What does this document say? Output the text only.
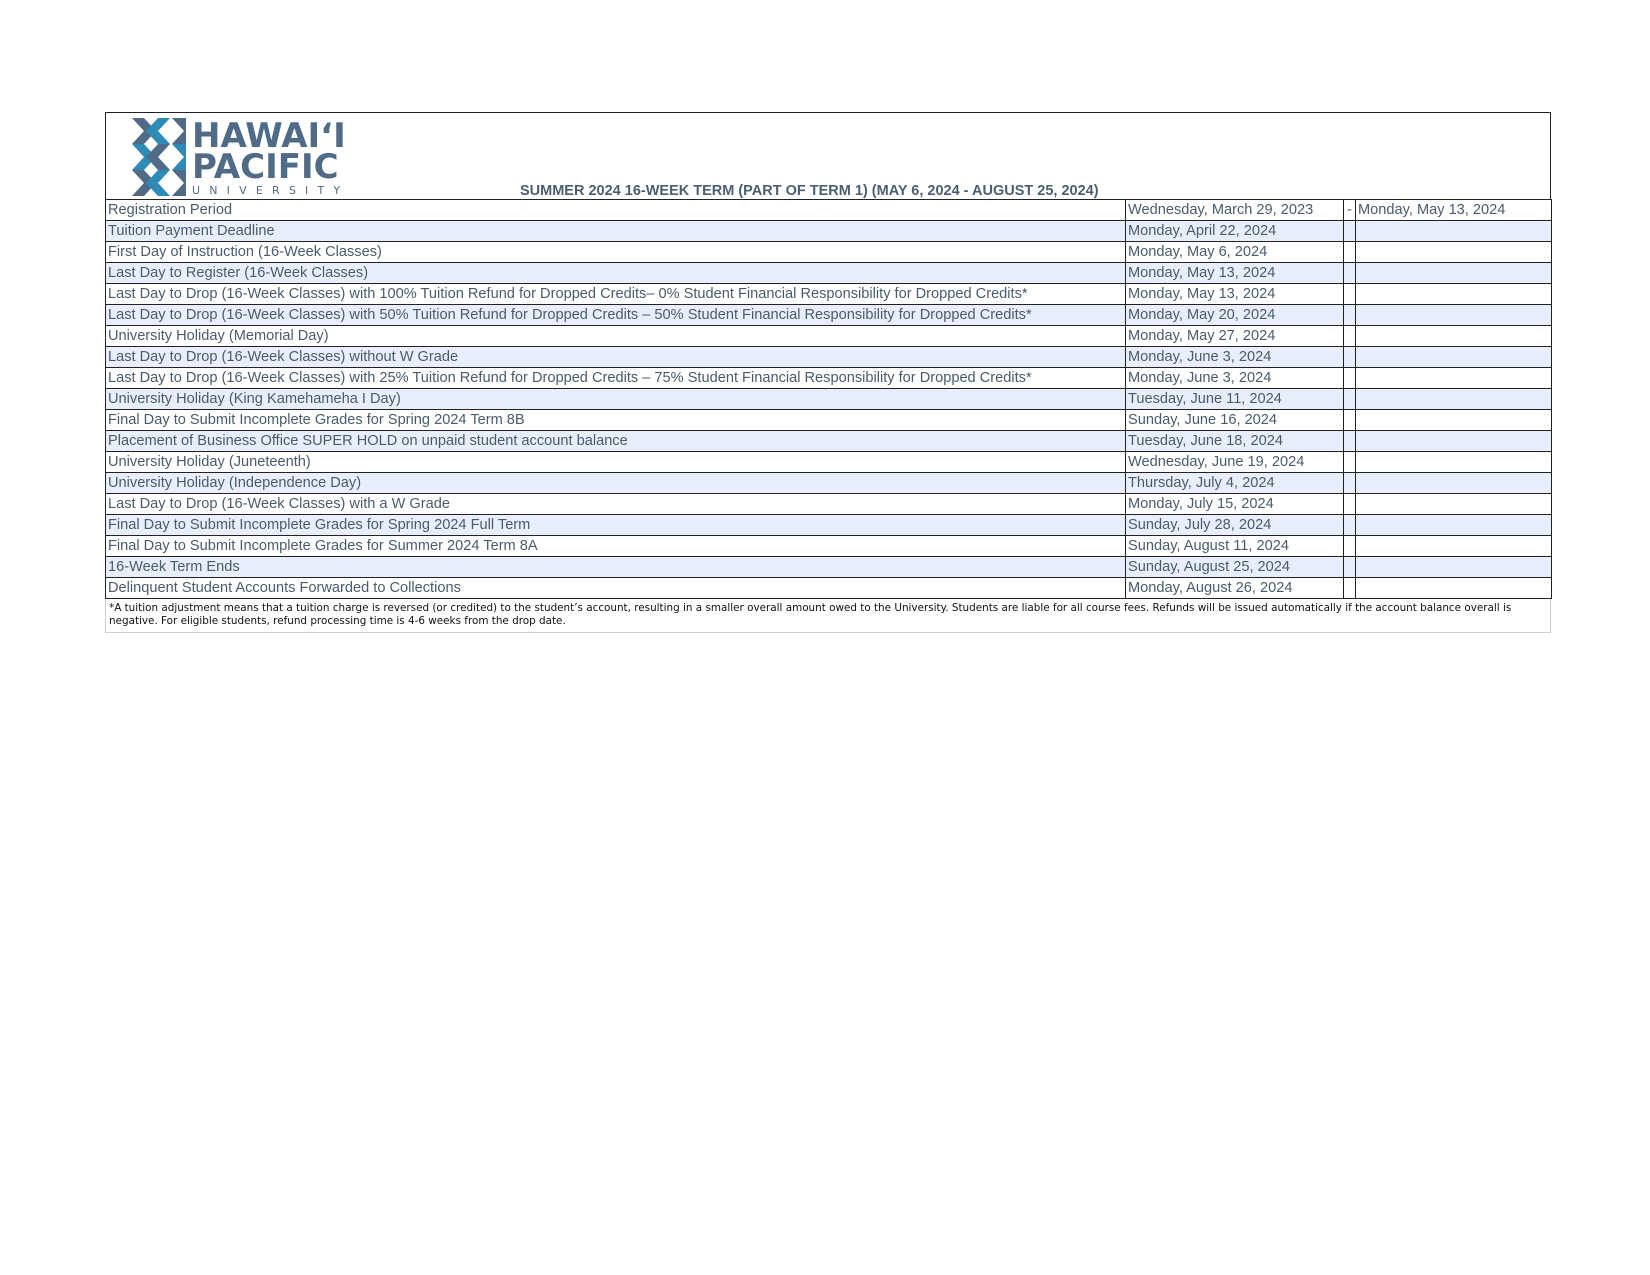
HAWAIʻI
PACIFIC
UNIVERSITY	SUMMER 2024 16-WEEK TERM (PART OF TERM 1) (MAY 6, 2024 - AUGUST 25, 2024)
Registration Period	Wednesday, March 29, 2023	-	Monday, May 13, 2024
Tuition Payment Deadline	Monday, April 22, 2024		
First Day of Instruction (16-Week Classes)	Monday, May 6, 2024		
Last Day to Register (16-Week Classes)	Monday, May 13, 2024		
Last Day to Drop (16-Week Classes) with 100% Tuition Refund for Dropped Credits– 0% Student Financial Responsibility for Dropped Credits*	Monday, May 13, 2024		
Last Day to Drop (16-Week Classes) with 50% Tuition Refund for Dropped Credits – 50% Student Financial Responsibility for Dropped Credits*	Monday, May 20, 2024		
University Holiday (Memorial Day)	Monday, May 27, 2024		
Last Day to Drop (16-Week Classes) without W Grade	Monday, June 3, 2024		
Last Day to Drop (16-Week Classes) with 25% Tuition Refund for Dropped Credits – 75% Student Financial Responsibility for Dropped Credits*	Monday, June 3, 2024		
University Holiday (King Kamehameha I Day)	Tuesday, June 11, 2024		
Final Day to Submit Incomplete Grades for Spring 2024 Term 8B	Sunday, June 16, 2024		
Placement of Business Office SUPER HOLD on unpaid student account balance	Tuesday, June 18, 2024		
University Holiday (Juneteenth)	Wednesday, June 19, 2024		
University Holiday (Independence Day)	Thursday, July 4, 2024		
Last Day to Drop (16-Week Classes) with a W Grade	Monday, July 15, 2024		
Final Day to Submit Incomplete Grades for Spring 2024 Full Term	Sunday, July 28, 2024		
Final Day to Submit Incomplete Grades for Summer 2024 Term 8A	Sunday, August 11, 2024		
16-Week Term Ends	Sunday, August 25, 2024		
Delinquent Student Accounts Forwarded to Collections	Monday, August 26, 2024		
*A tuition adjustment means that a tuition charge is reversed (or credited) to the student’s account, resulting in a smaller overall amount owed to the University. Students are liable for all course fees. Refunds will be issued automatically if the account balance overall is negative. For eligible students, refund processing time is 4-6 weeks from the drop date.
